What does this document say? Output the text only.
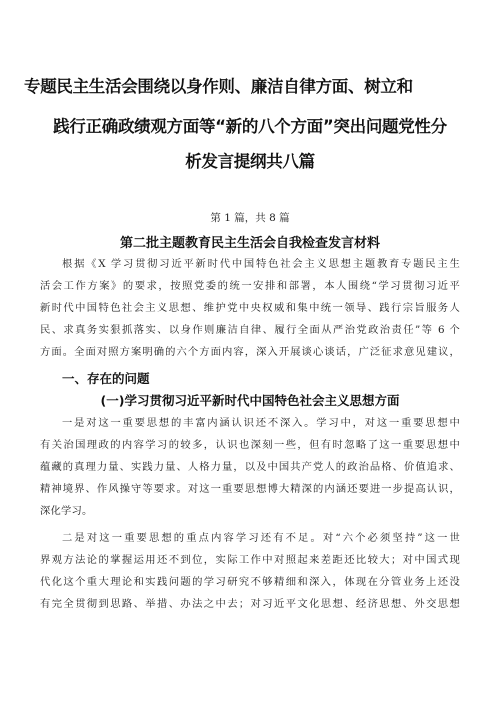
专题民主生活会围绕以身作则、廉洁自律方面、树立和
践行正确政绩观方面等“新的八个方面”突出问题党性分
析发言提纲共八篇
第 1 篇，共 8 篇
第二批主题教育民主生活会自我检查发言材料

根据《X 学习贯彻习近平新时代中国特色社会主义思想主题教育专题民主生

活会工作方案》的要求，按照党委的统一安排和部署，本人围绕“学习贯彻习近平

新时代中国特色社会主义思想、维护党中央权威和集中统一领导、践行宗旨服务人

民、求真务实狠抓落实、以身作则廉洁自律、履行全面从严治党政治责任”等 6 个

方面。全面对照方案明确的六个方面内容，深入开展谈心谈话，广泛征求意见建议，

一、存在的问题
(一)学习贯彻习近平新时代中国特色社会主义思想方面

一是对这一重要思想的丰富内涵认识还不深入。学习中，对这一重要思想中

有关治国理政的内容学习的较多，认识也深刻一些，但有时忽略了这一重要思想中

蕴藏的真理力量、实践力量、人格力量，以及中国共产党人的政治品格、价值追求、

精神境界、作风操守等要求。对这一重要思想博大精深的内涵还要进一步提高认识，

深化学习。

二是对这一重要思想的重点内容学习还有不足。对“六个必须坚持”这一世

界观方法论的掌握运用还不到位，实际工作中对照起来差距还比较大；对中国式现

代化这个重大理论和实践问题的学习研究不够精细和深入，体现在分管业务上还没

有完全贯彻到思路、举措、办法之中去；对习近平文化思想、经济思想、外交思想
